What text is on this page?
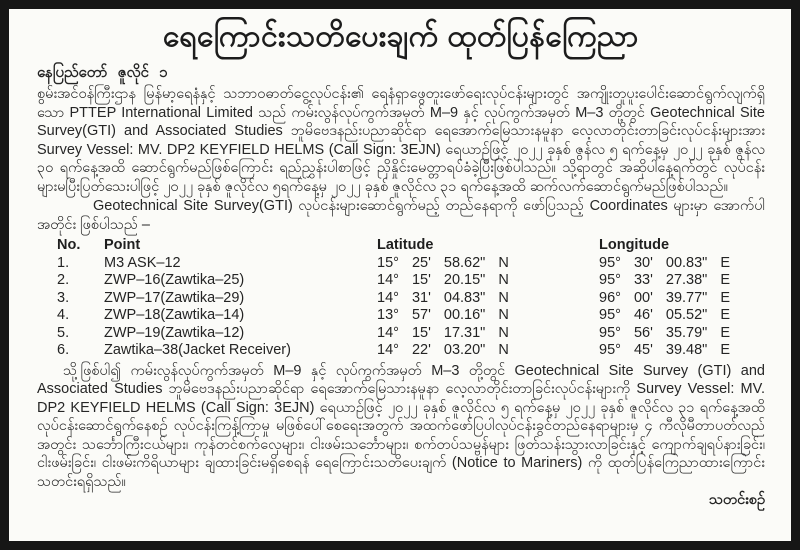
ရေကြောင်းသတိပေးချက် ထုတ်ပြန်ကြေညာ
နေပြည်တော် ဇူလိုင် ၁

စွမ်းအင်ဝန်ကြီးဌာန မြန်မာ့ရေနံနှင့် သဘာဝဓာတ်ငွေ့လုပ်ငန်း၏ ရေနံရှာဖွေတူးဖော်ရေးလုပ်ငန်းများတွင် အကျိုးတူပူးပေါင်းဆောင်ရွက်လျက်ရှိသော PTTEP International Limited သည် ကမ်းလွန်လုပ်ကွက်အမှတ် M–9 နှင့် လုပ်ကွက်အမှတ် M–3 တို့တွင် Geotechnical Site Survey(GTI) and Associated Studies ဘူမိဗေဒနည်းပညာဆိုင်ရာ ရေအောက်မြေသားနမူနာ လေ့လာတိုင်းတာခြင်းလုပ်ငန်းများအား Survey Vessel: MV. DP2 KEYFIELD HELMS (Call Sign: 3EJN) ရေယာဉ်ဖြင့် ၂၀၂၂ ခုနှစ် ဇွန်လ ၅ ရက်နေ့မှ ၂၀၂၂ ခုနှစ် ဇွန်လ ၃၀ ရက်နေ့အထိ ဆောင်ရွက်မည်ဖြစ်ကြောင်း ရည်ညွှန်းပါစာဖြင့် ညှိနှိုင်းမေတ္တာရပ်ခံခဲ့ပြီးဖြစ်ပါသည်။ သို့ရာတွင် အဆိုပါနေ့ရက်တွင် လုပ်ငန်းများမပြီးပြတ်သေးပါဖြင့် ၂၀၂၂ ခုနှစ် ဇူလိုင်လ ၅ရက်နေ့မှ ၂၀၂၂ ခုနှစ် ဇူလိုင်လ ၃၁ ရက်နေ့အထိ ဆက်လက်ဆောင်ရွက်မည်ဖြစ်ပါသည်။

Geotechnical Site Survey(GTI) လုပ်ငန်းများဆောင်ရွက်မည့် တည်နေရာကို ဖော်ပြသည့် Coordinates များမှာ အောက်ပါအတိုင်း ဖြစ်ပါသည် –

No.	Point	Latitude	Longitude
1.	M3 ASK–12	15° 25' 58.62" N	95° 30' 00.83" E
2.	ZWP–16(Zawtika–25)	14° 15' 20.15" N	95° 33' 27.38" E
3.	ZWP–17(Zawtika–29)	14° 31' 04.83" N	96° 00' 39.77" E
4.	ZWP–18(Zawtika–14)	13° 57' 00.16" N	95° 46' 05.52" E
5.	ZWP–19(Zawtika–12)	14° 15' 17.31" N	95° 56' 35.79" E
6.	Zawtika–38(Jacket Receiver)	14° 22' 03.20" N	95° 45' 39.48" E

သို့ဖြစ်ပါ၍ ကမ်းလွန်လုပ်ကွက်အမှတ် M–9 နှင့် လုပ်ကွက်အမှတ် M–3 တို့တွင် Geotechnical Site Survey (GTI) and Associated Studies ဘူမိဗေဒနည်းပညာဆိုင်ရာ ရေအောက်မြေသားနမူနာ လေ့လာတိုင်းတာခြင်းလုပ်ငန်းများကို Survey Vessel: MV. DP2 KEYFIELD HELMS (Call Sign: 3EJN) ရေယာဉ်ဖြင့် ၂၀၂၂ ခုနှစ် ဇူလိုင်လ ၅ ရက်နေ့မှ ၂၀၂၂ ခုနှစ် ဇူလိုင်လ ၃၁ ရက်နေ့အထိ လုပ်ငန်းဆောင်ရွက်နေစဉ် လုပ်ငန်းကြန့်ကြာမှု မဖြစ်ပေါ်စေရေးအတွက် အထက်ဖော်ပြပါလုပ်ငန်းခွင်တည်နေရာများမှ ၄ ကီလိုမီတာပတ်လည်အတွင်း သင်္ဘောကြီးငယ်များ၊ ကုန်တင်စက်လှေများ၊ ငါးဖမ်းသင်္ဘောများ၊ စက်တပ်သမ္ဗန်များ ဖြတ်သန်းသွားလာခြင်းနှင့် ကျောက်ချရပ်နားခြင်း၊ ငါးဖမ်းခြင်း၊ ငါးဖမ်းကိရိယာများ ချထားခြင်းမရှိစေရန် ရေကြောင်းသတိပေးချက် (Notice to Mariners) ကို ထုတ်ပြန်ကြေညာထားကြောင်း သတင်းရရှိသည်။

သတင်းစဉ်
